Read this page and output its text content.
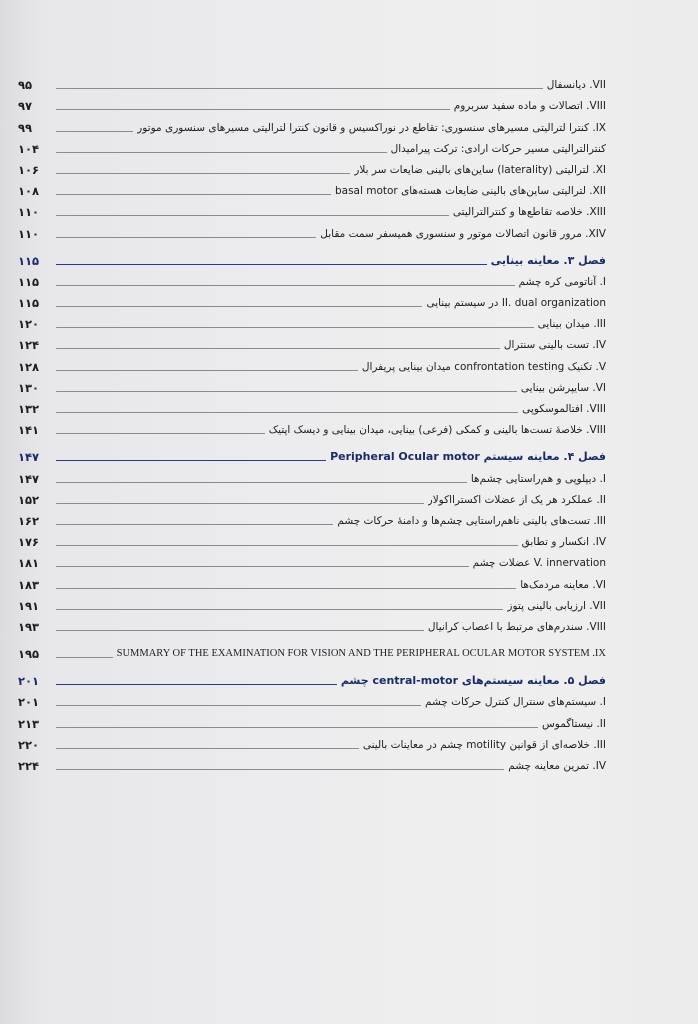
۹۵	VII. دیانسفال
۹۷	VIII. اتصالات و ماده سفید سربروم
۹۹	IX. کنترا لترالیتی مسیرهای سنسوری: تقاطع در نوراکسیس و قانون کنترا لترالیتی مسیرهای سنسوری موتور
۱۰۴	کنترالترالیتی مسیر حرکات ارادی: ترکت پیرامیدال
۱۰۶	XI. لترالیتی (laterality) ساین‌های بالینی ضایعات سر بلار
۱۰۸	XII. لترالیتی ساین‌های بالینی ضایعات هسته‌های basal motor
۱۱۰	XIII. خلاصه تقاطع‌ها و کنترالترالیتی
۱۱۰	XIV. مرور قانون اتصالات موتور و سنسوری همیسفر سمت مقابل
۱۱۵	فصل ۳. معاینه بینایی
۱۱۵	I. آناتومی کره چشم
۱۱۵	II. dual organization در سیستم بینایی
۱۲۰	III. میدان بینایی
۱۲۴	IV. تست بالینی سنترال
۱۲۸	V. تکنیک confrontation testing میدان بینایی پریفرال
۱۳۰	VI. سایپرشن بینایی
۱۳۲	VIII. افتالموسکوپی
۱۴۱	VIII. خلاصهٔ تست‌ها بالینی و کمکی (فرعی) بینایی، میدان بینایی و دیسک اپتیک
۱۴۷	فصل ۴. معاینه سیستم Peripheral Ocular motor
۱۴۷	I. دیپلوپی و هم‌راستایی چشم‌ها
۱۵۲	II. عملکرد هر یک از عضلات اکسترااکولار
۱۶۲	III. تست‌های بالینی ناهم‌راستایی چشم‌ها و دامنهٔ حرکات چشم
۱۷۶	IV. انکسار و تطابق
۱۸۱	V. innervation عضلات چشم
۱۸۳	VI. معاینه مردمک‌ها
۱۹۱	VII. ارزیابی بالینی پتوز
۱۹۳	VIII. سندرم‌های مرتبط با اعصاب کرانیال
۱۹۵	SUMMARY OF THE EXAMINATION FOR VISION AND THE PERIPHERAL OCULAR MOTOR SYSTEM .IX
۲۰۱	فصل ۵. معاینه سیستم‌های central-motor چشم
۲۰۱	I. سیستم‌های سنترال کنترل حرکات چشم
۲۱۳	II. نیستاگموس
۲۲۰	III. خلاصه‌ای از قوانین motility چشم در معاینات بالینی
۲۲۴	IV. تمرین معاینه چشم
